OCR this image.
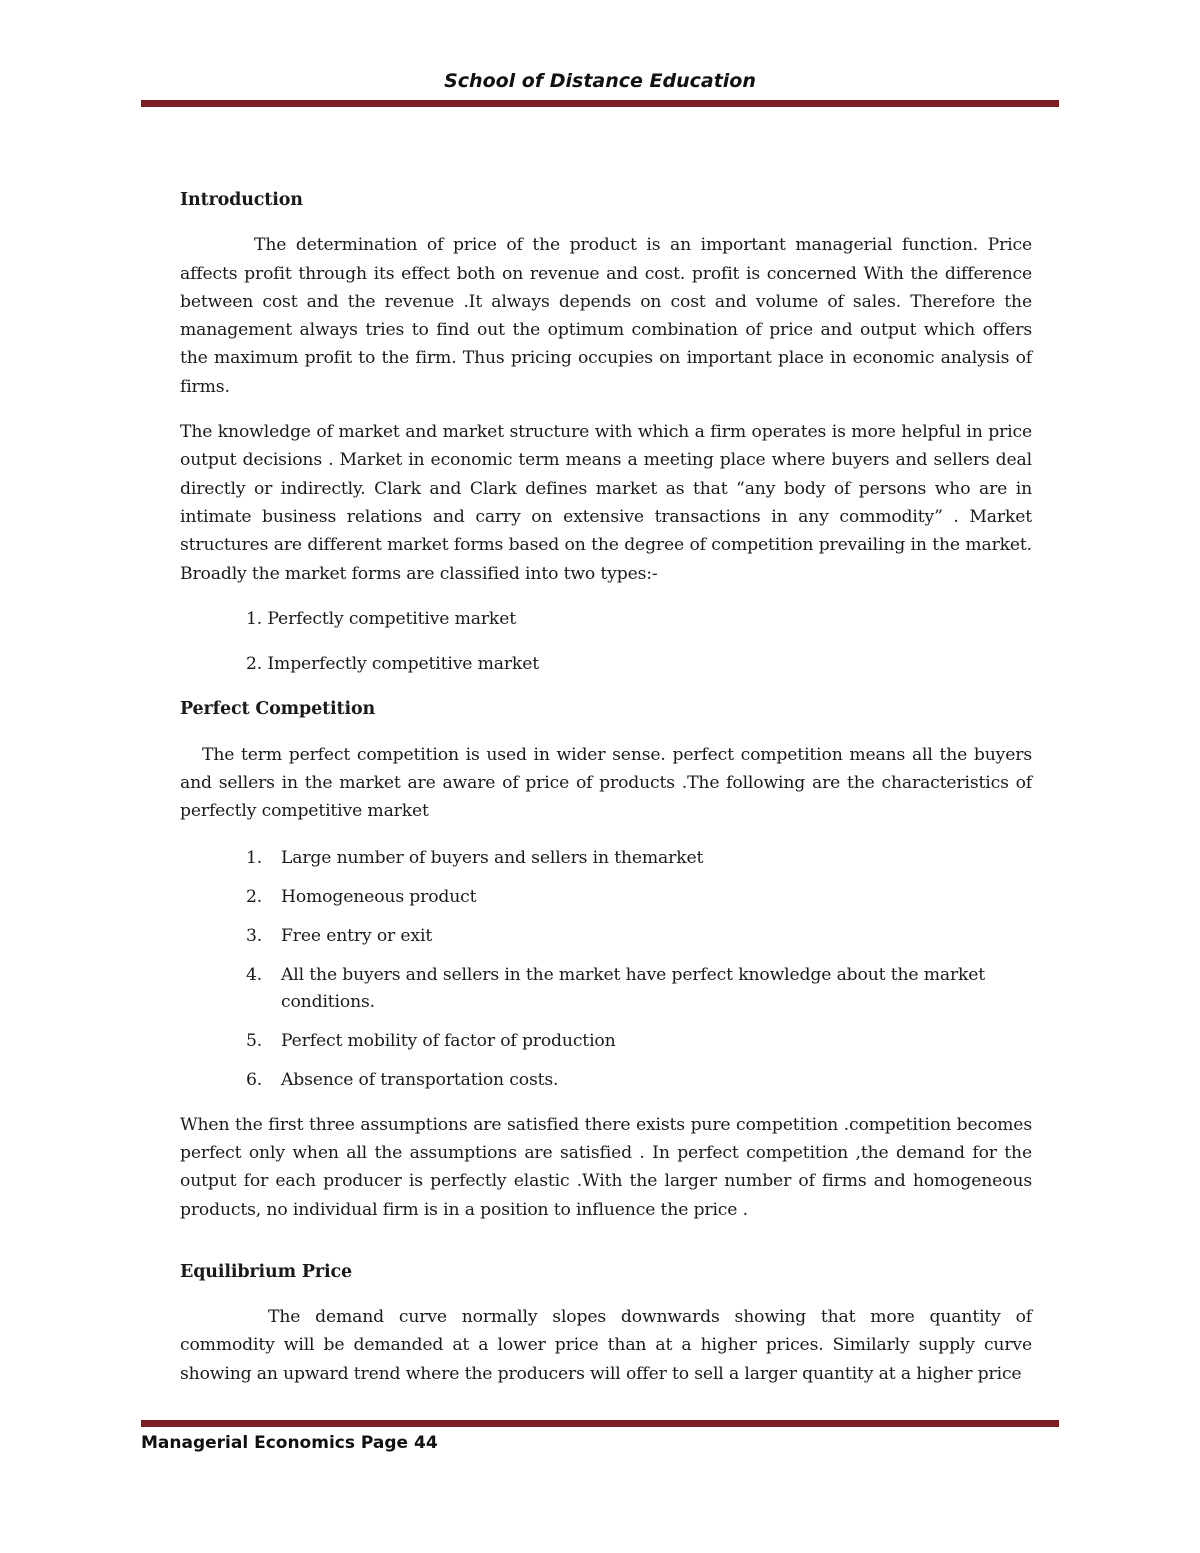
School of Distance Education

Introduction

The determination of price of the product is an important managerial function. Price affects profit through its effect both on revenue and cost. profit is concerned With the difference between cost and the revenue .It always depends on cost and volume of sales. Therefore the management always tries to find out the optimum combination of price and output which offers the maximum profit to the firm. Thus pricing occupies on important place in economic analysis of firms.

The knowledge of market and market structure with which a firm operates is more helpful in price output decisions . Market in economic term means a meeting place where buyers and sellers deal directly or indirectly. Clark and Clark defines market as that “any body of persons who are in intimate business relations and carry on extensive transactions in any commodity” . Market structures are different market forms based on the degree of competition prevailing in the market. Broadly the market forms are classified into two types:-

1. Perfectly competitive market
2. Imperfectly competitive market

Perfect Competition

The term perfect competition is used in wider sense. perfect competition means all the buyers and sellers in the market are aware of price of products .The following are the characteristics of perfectly competitive market

1. Large number of buyers and sellers in themarket
2. Homogeneous product
3. Free entry or exit
4. All the buyers and sellers in the market have perfect knowledge about the market conditions.
5. Perfect mobility of factor of production
6. Absence of transportation costs.

When the first three assumptions are satisfied there exists pure competition .competition becomes perfect only when all the assumptions are satisfied . In perfect competition ,the demand for the output for each producer is perfectly elastic .With the larger number of firms and homogeneous products, no individual firm is in a position to influence the price .

Equilibrium Price

The demand curve normally slopes downwards showing that more quantity of commodity will be demanded at a lower price than at a higher prices. Similarly supply curve showing an upward trend where the producers will offer to sell a larger quantity at a higher price

Managerial Economics Page 44
